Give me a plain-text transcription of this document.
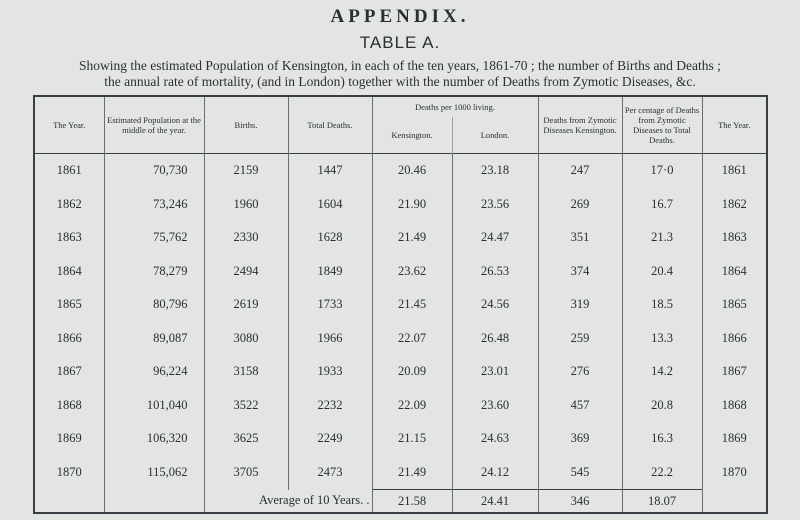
APPENDIX.
TABLE A.
Showing the estimated Population of Kensington, in each of the ten years, 1861-70 ; the number of Births and Deaths ;
the annual rate of mortality, (and in London) together with the number of Deaths from Zymotic Diseases, &c.
The Year.	Estimated Population at the middle of the year.	Births.	Total Deaths.	Deaths per 1000 living.		Deaths from Zymotic Diseases Kensington.	Per centage of Deaths from Zymotic Diseases to Total Deaths.	The Year.
				Kensington.	London.			
1861	70,730	2159	1447	20.46	23.18	247	17·0	1861
1862	73,246	1960	1604	21.90	23.56	269	16.7	1862
1863	75,762	2330	1628	21.49	24.47	351	21.3	1863
1864	78,279	2494	1849	23.62	26.53	374	20.4	1864
1865	80,796	2619	1733	21.45	24.56	319	18.5	1865
1866	89,087	3080	1966	22.07	26.48	259	13.3	1866
1867	96,224	3158	1933	20.09	23.01	276	14.2	1867
1868	101,040	3522	2232	22.09	23.60	457	20.8	1868
1869	106,320	3625	2249	21.15	24.63	369	16.3	1869
1870	115,062	3705	2473	21.49	24.12	545	22.2	1870
		Average of 10 Years. .		21.58	24.41	346	18.07	
